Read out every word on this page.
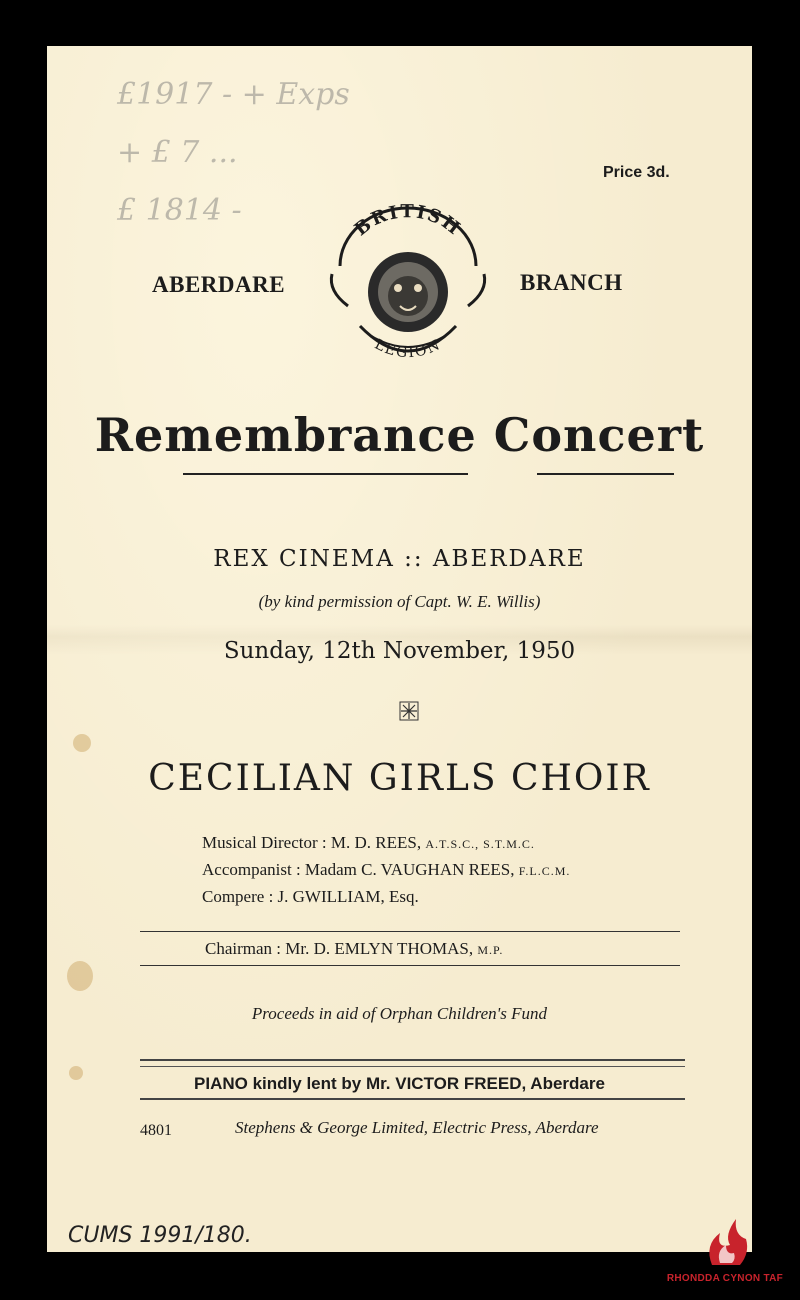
£1917 - + Exps
+ £ 7 ...
£ 1814 -
Price 3d.
ABERDARE	BRANCH
BRITISH
LEGION
Remembrance Concert
REX CINEMA :: ABERDARE
(by kind permission of Capt. W. E. Willis)
Sunday, 12th November, 1950
CECILIAN GIRLS CHOIR
Musical Director : M. D. REES, A.T.S.C., S.T.M.C.
Accompanist : Madam C. VAUGHAN REES, F.L.C.M.
Compere : J. GWILLIAM, Esq.
Chairman : Mr. D. EMLYN THOMAS, M.P.
Proceeds in aid of Orphan Children's Fund
PIANO kindly lent by Mr. VICTOR FREED, Aberdare
4801	Stephens & George Limited, Electric Press, Aberdare
CUMS 1991/180.
RHONDDA CYNON TAF
